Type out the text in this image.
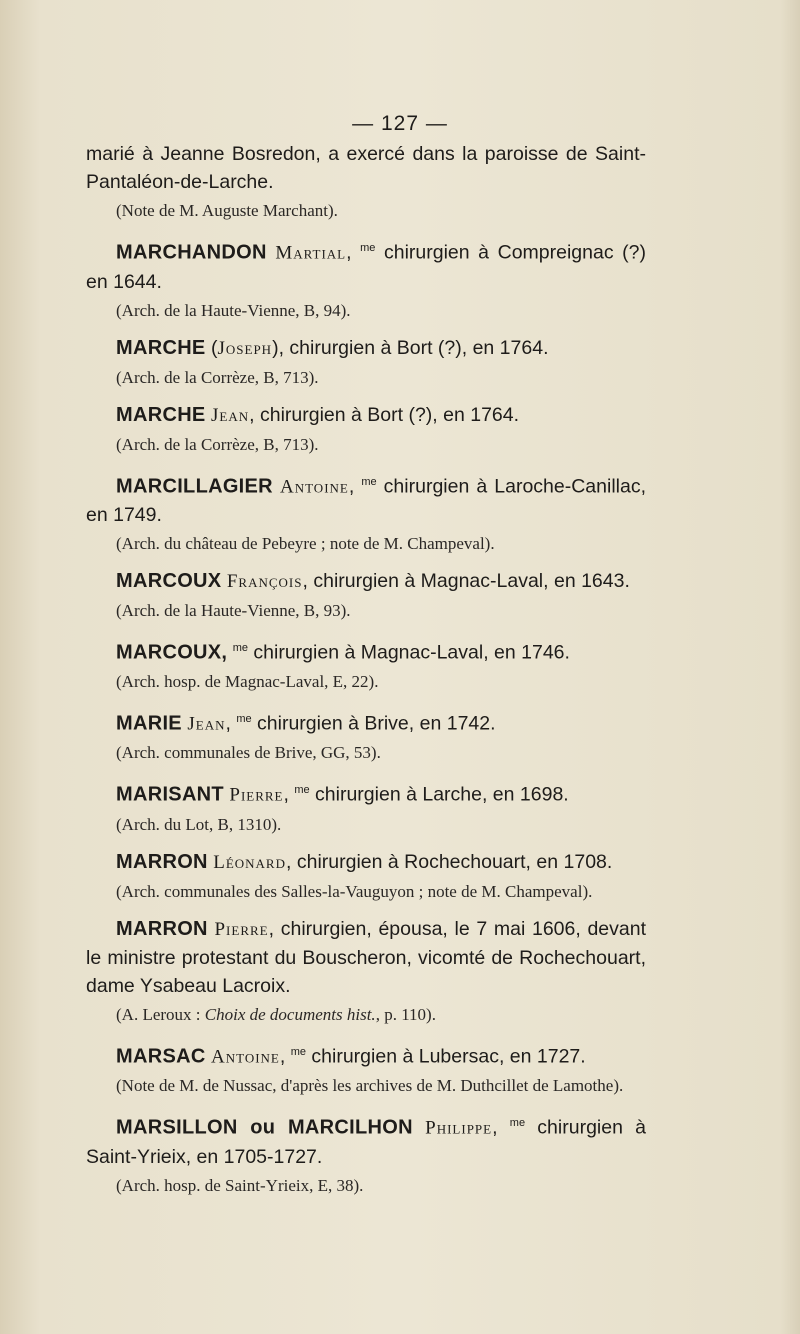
— 127 —

marié à Jeanne Bosredon, a exercé dans la paroisse de Saint-Pantaléon-de-Larche.

(Note de M. Auguste Marchant).

MARCHANDON Martial, $^{me}$ chirurgien à Compreignac (?) en 1644.

(Arch. de la Haute-Vienne, B, 94).

MARCHE (Joseph), chirurgien à Bort (?), en 1764.

(Arch. de la Corrèze, B, 713).

MARCHE Jean, chirurgien à Bort (?), en 1764.

(Arch. de la Corrèze, B, 713).

MARCILLAGIER Antoine, $^{me}$ chirurgien à Laroche-Canillac, en 1749.

(Arch. du château de Pebeyre ; note de M. Champeval).

MARCOUX François, chirurgien à Magnac-Laval, en 1643.

(Arch. de la Haute-Vienne, B, 93).

MARCOUX, $^{me}$ chirurgien à Magnac-Laval, en 1746.

(Arch. hosp. de Magnac-Laval, E, 22).

MARIE Jean, $^{me}$ chirurgien à Brive, en 1742.

(Arch. communales de Brive, GG, 53).

MARISANT Pierre, $^{me}$ chirurgien à Larche, en 1698.

(Arch. du Lot, B, 1310).

MARRON Léonard, chirurgien à Rochechouart, en 1708.

(Arch. communales des Salles-la-Vauguyon ; note de M. Champeval).

MARRON Pierre, chirurgien, épousa, le 7 mai 1606, devant le ministre protestant du Bouscheron, vicomté de Rochechouart, dame Ysabeau Lacroix.

(A. Leroux : Choix de documents hist., p. 110).

MARSAC Antoine, $^{me}$ chirurgien à Lubersac, en 1727.

(Note de M. de Nussac, d'après les archives de M. Duthcillet de Lamothe).

MARSILLON ou MARCILHON Philippe, $^{me}$ chirurgien à Saint-Yrieix, en 1705-1727.

(Arch. hosp. de Saint-Yrieix, E, 38).
